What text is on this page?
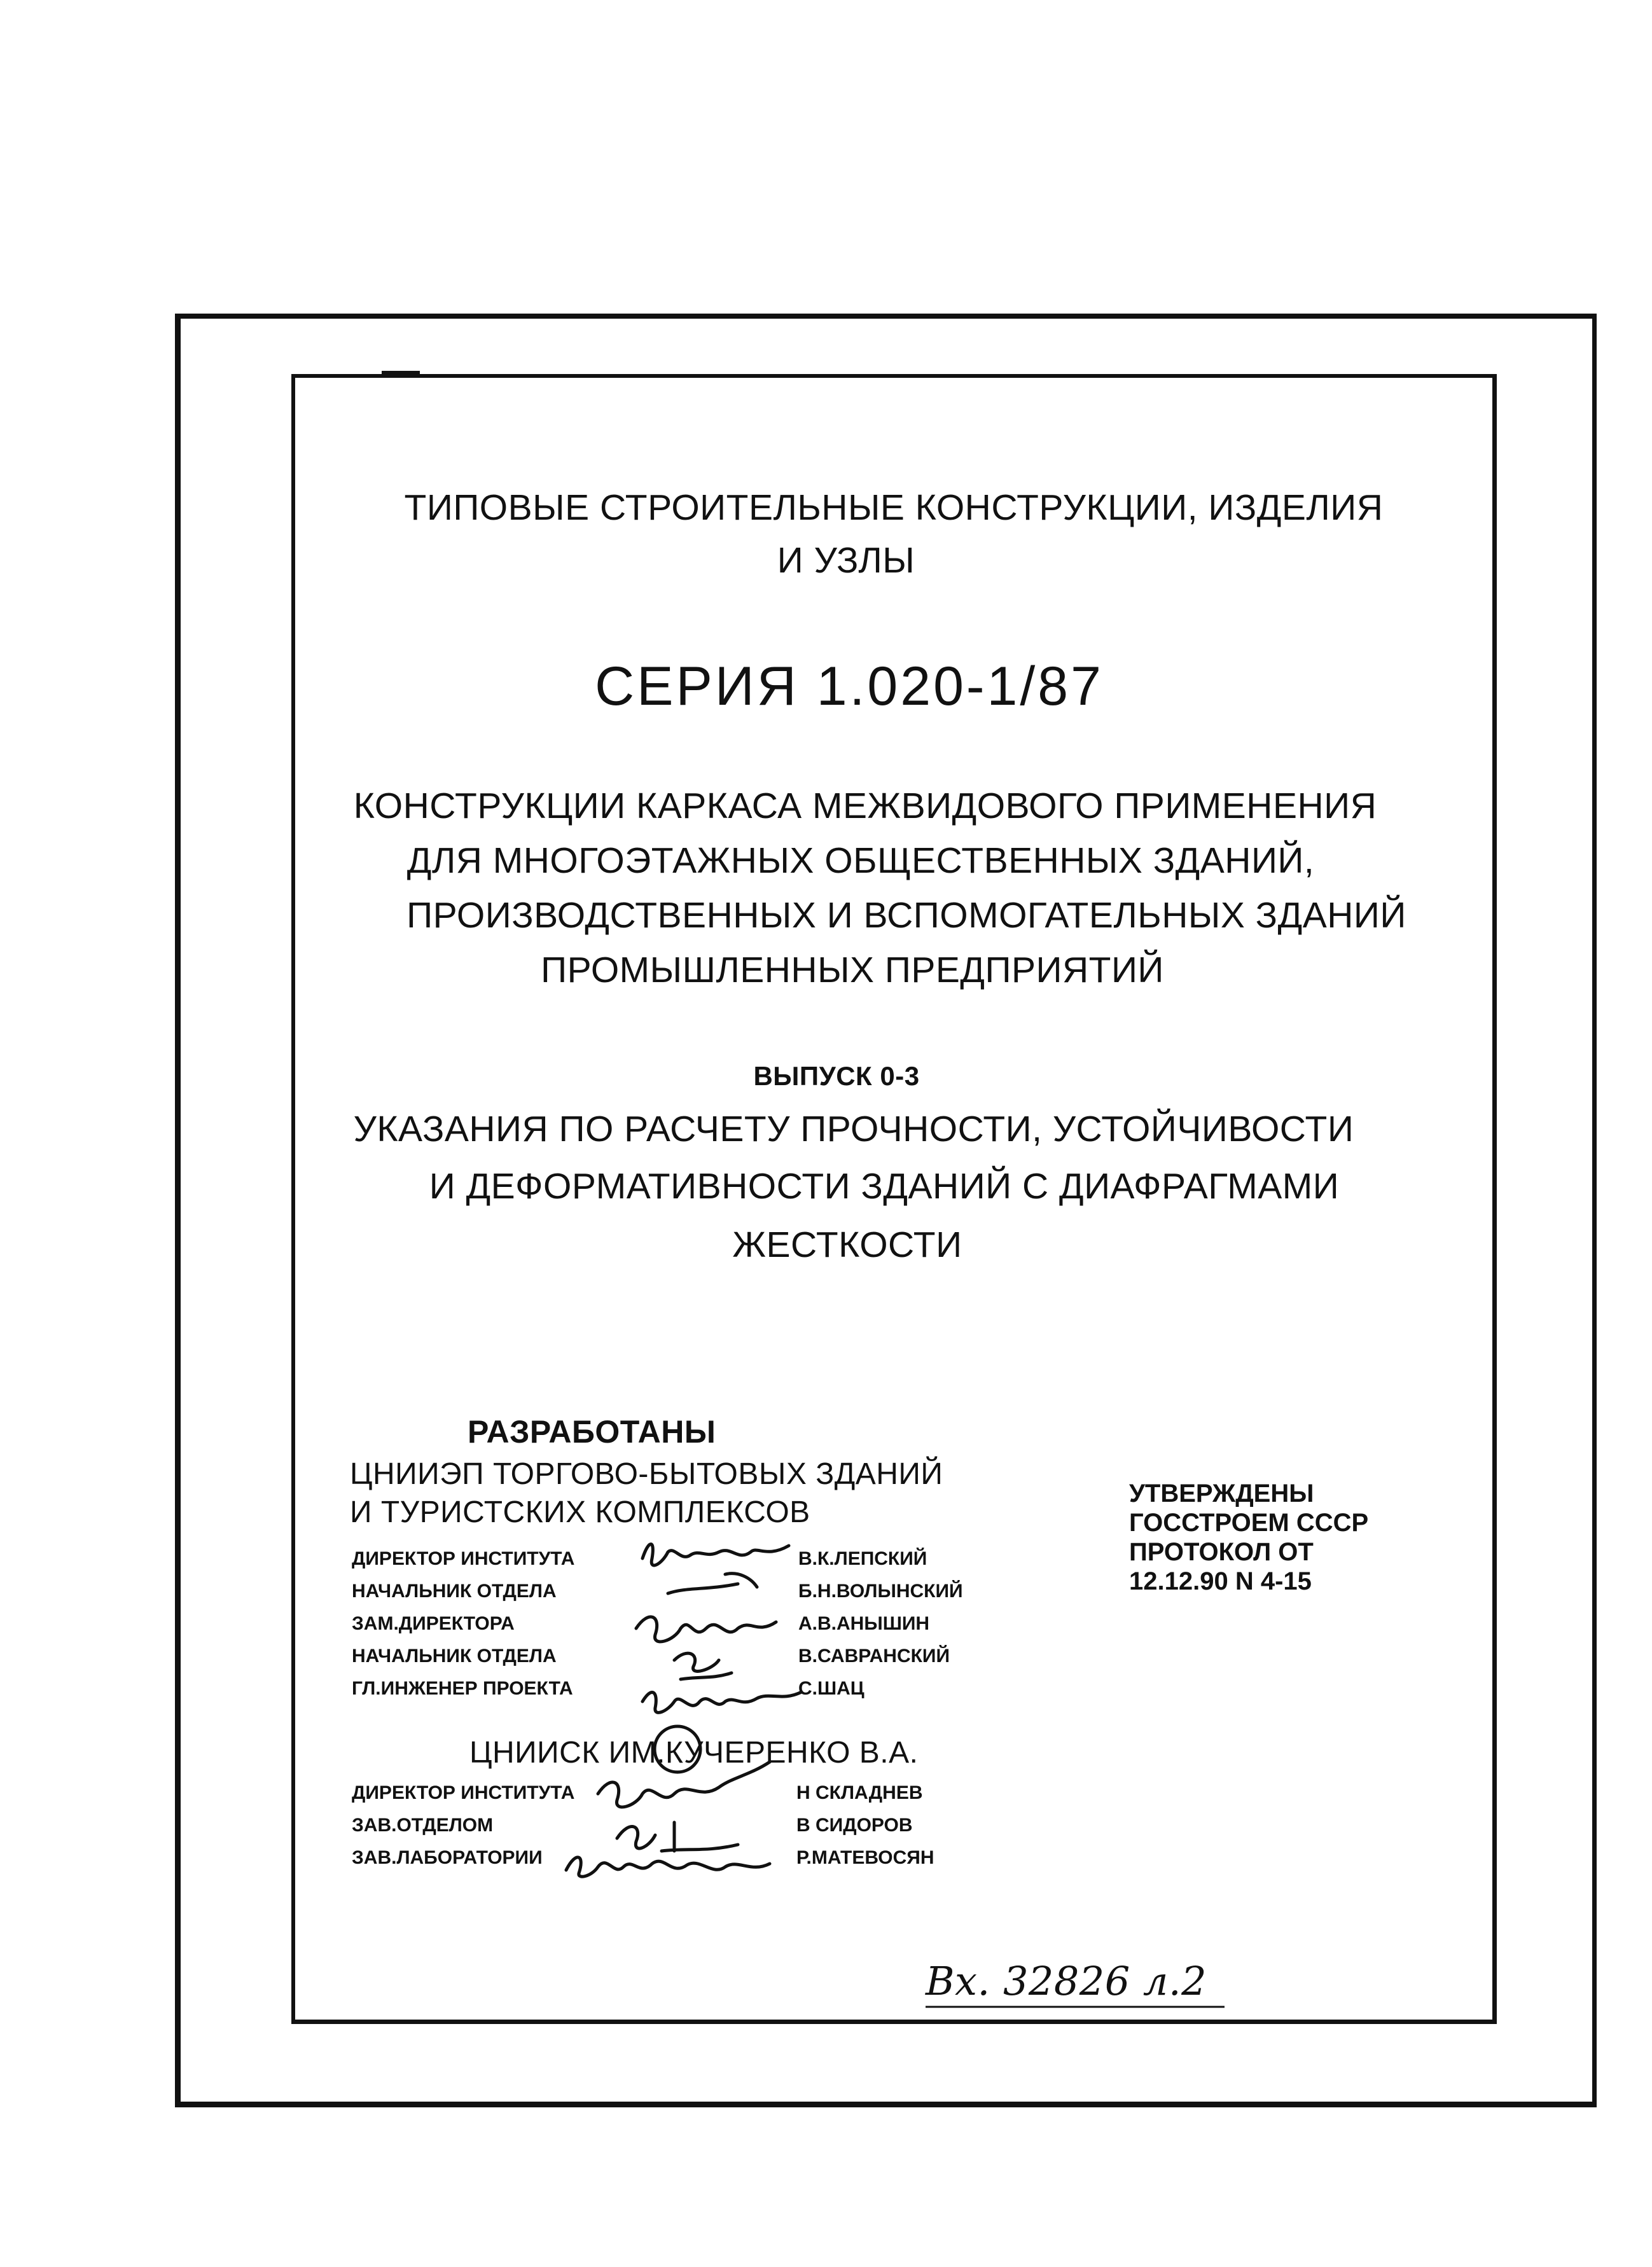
ТИПОВЫЕ СТРОИТЕЛЬНЫЕ КОНСТРУКЦИИ, ИЗДЕЛИЯ
И УЗЛЫ
СЕРИЯ 1.020-1/87
КОНСТРУКЦИИ КАРКАСА МЕЖВИДОВОГО ПРИМЕНЕНИЯ
ДЛЯ МНОГОЭТАЖНЫХ ОБЩЕСТВЕННЫХ ЗДАНИЙ,
ПРОИЗВОДСТВЕННЫХ И ВСПОМОГАТЕЛЬНЫХ ЗДАНИЙ
ПРОМЫШЛЕННЫХ ПРЕДПРИЯТИЙ
ВЫПУСК 0-3
УКАЗАНИЯ ПО РАСЧЕТУ ПРОЧНОСТИ, УСТОЙЧИВОСТИ
И ДЕФОРМАТИВНОСТИ ЗДАНИЙ С ДИАФРАГМАМИ
ЖЕСТКОСТИ
РАЗРАБОТАНЫ
ЦНИИЭП ТОРГОВО-БЫТОВЫХ ЗДАНИЙ
И ТУРИСТСКИХ КОМПЛЕКСОВ
ДИРЕКТОР ИНСТИТУТА
НАЧАЛЬНИК ОТДЕЛА
ЗАМ.ДИРЕКТОРА
НАЧАЛЬНИК ОТДЕЛА
ГЛ.ИНЖЕНЕР ПРОЕКТА
В.К.ЛЕПСКИЙ
Б.Н.ВОЛЫНСКИЙ
А.В.АНЫШИН
В.САВРАНСКИЙ
С.ШАЦ
ЦНИИСК ИМ.КУЧЕРЕНКО В.А.
ДИРЕКТОР ИНСТИТУТА
ЗАВ.ОТДЕЛОМ
ЗАВ.ЛАБОРАТОРИИ
Н СКЛАДНЕВ
В СИДОРОВ
Р.МАТЕВОСЯН
УТВЕРЖДЕНЫ
ГОССТРОЕМ СССР
ПРОТОКОЛ ОТ
12.12.90 N 4-15
Вх. 32826 л.2
